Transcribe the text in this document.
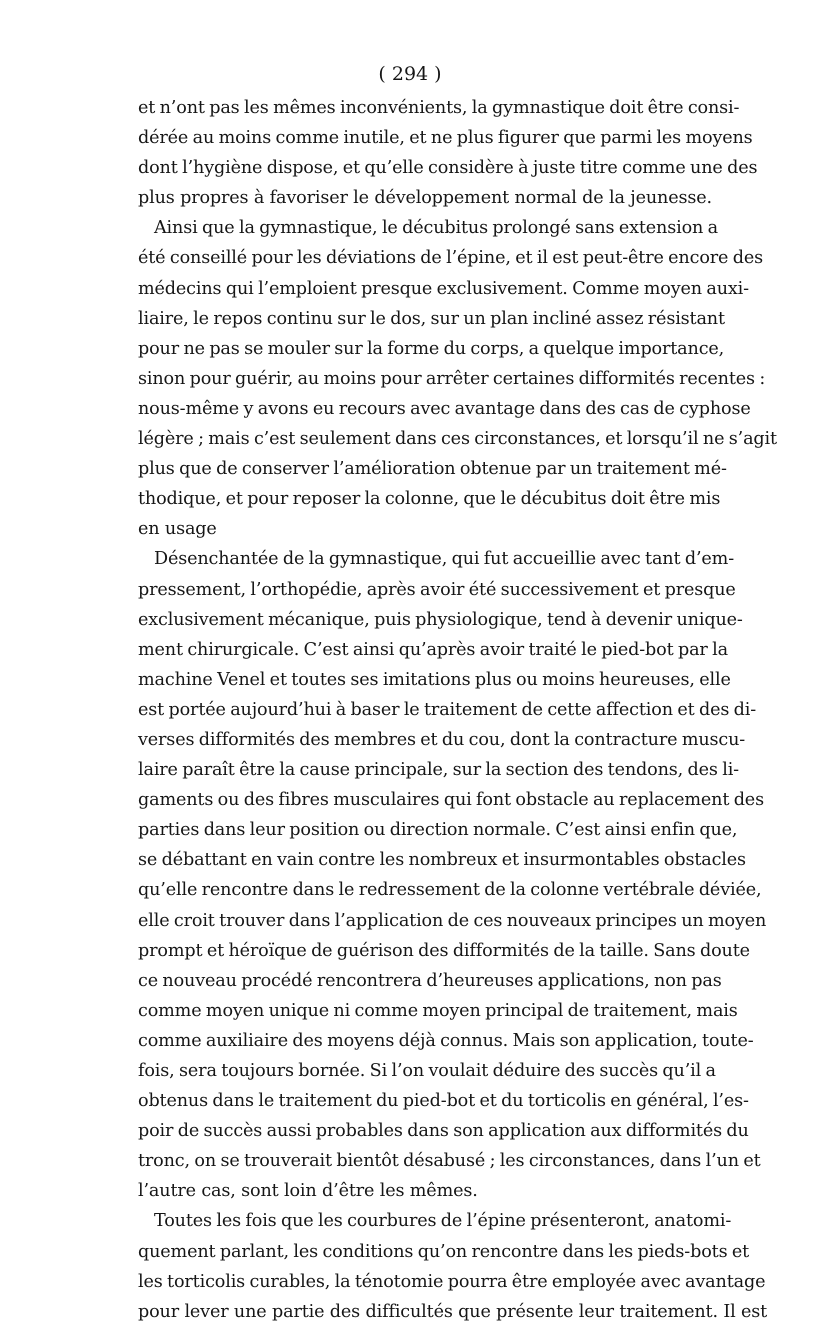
( 294 )
et n’ont pas les mêmes inconvénients, la gymnastique doit être consi-
dérée au moins comme inutile, et ne plus figurer que parmi les moyens
dont l’hygiène dispose, et qu’elle considère à juste titre comme une des
plus propres à favoriser le développement normal de la jeunesse.
Ainsi que la gymnastique, le décubitus prolongé sans extension a
été conseillé pour les déviations de l’épine, et il est peut-être encore des
médecins qui l’emploient presque exclusivement. Comme moyen auxi-
liaire, le repos continu sur le dos, sur un plan incliné assez résistant
pour ne pas se mouler sur la forme du corps, a quelque importance,
sinon pour guérir, au moins pour arrêter certaines difformités recentes :
nous-même y avons eu recours avec avantage dans des cas de cyphose
légère ; mais c’est seulement dans ces circonstances, et lorsqu’il ne s’agit
plus que de conserver l’amélioration obtenue par un traitement mé-
thodique, et pour reposer la colonne, que le décubitus doit être mis
en usage
Désenchantée de la gymnastique, qui fut accueillie avec tant d’em-
pressement, l’orthopédie, après avoir été successivement et presque
exclusivement mécanique, puis physiologique, tend à devenir unique-
ment chirurgicale. C’est ainsi qu’après avoir traité le pied-bot par la
machine Venel et toutes ses imitations plus ou moins heureuses, elle
est portée aujourd’hui à baser le traitement de cette affection et des di-
verses difformités des membres et du cou, dont la contracture muscu-
laire paraît être la cause principale, sur la section des tendons, des li-
gaments ou des fibres musculaires qui font obstacle au replacement des
parties dans leur position ou direction normale. C’est ainsi enfin que,
se débattant en vain contre les nombreux et insurmontables obstacles
qu’elle rencontre dans le redressement de la colonne vertébrale déviée,
elle croit trouver dans l’application de ces nouveaux principes un moyen
prompt et héroïque de guérison des difformités de la taille. Sans doute
ce nouveau procédé rencontrera d’heureuses applications, non pas
comme moyen unique ni comme moyen principal de traitement, mais
comme auxiliaire des moyens déjà connus. Mais son application, toute-
fois, sera toujours bornée. Si l’on voulait déduire des succès qu’il a
obtenus dans le traitement du pied-bot et du torticolis en général, l’es-
poir de succès aussi probables dans son application aux difformités du
tronc, on se trouverait bientôt désabusé ; les circonstances, dans l’un et
l’autre cas, sont loin d’être les mêmes.
Toutes les fois que les courbures de l’épine présenteront, anatomi-
quement parlant, les conditions qu’on rencontre dans les pieds-bots et
les torticolis curables, la ténotomie pourra être employée avec avantage
pour lever une partie des difficultés que présente leur traitement. Il est
